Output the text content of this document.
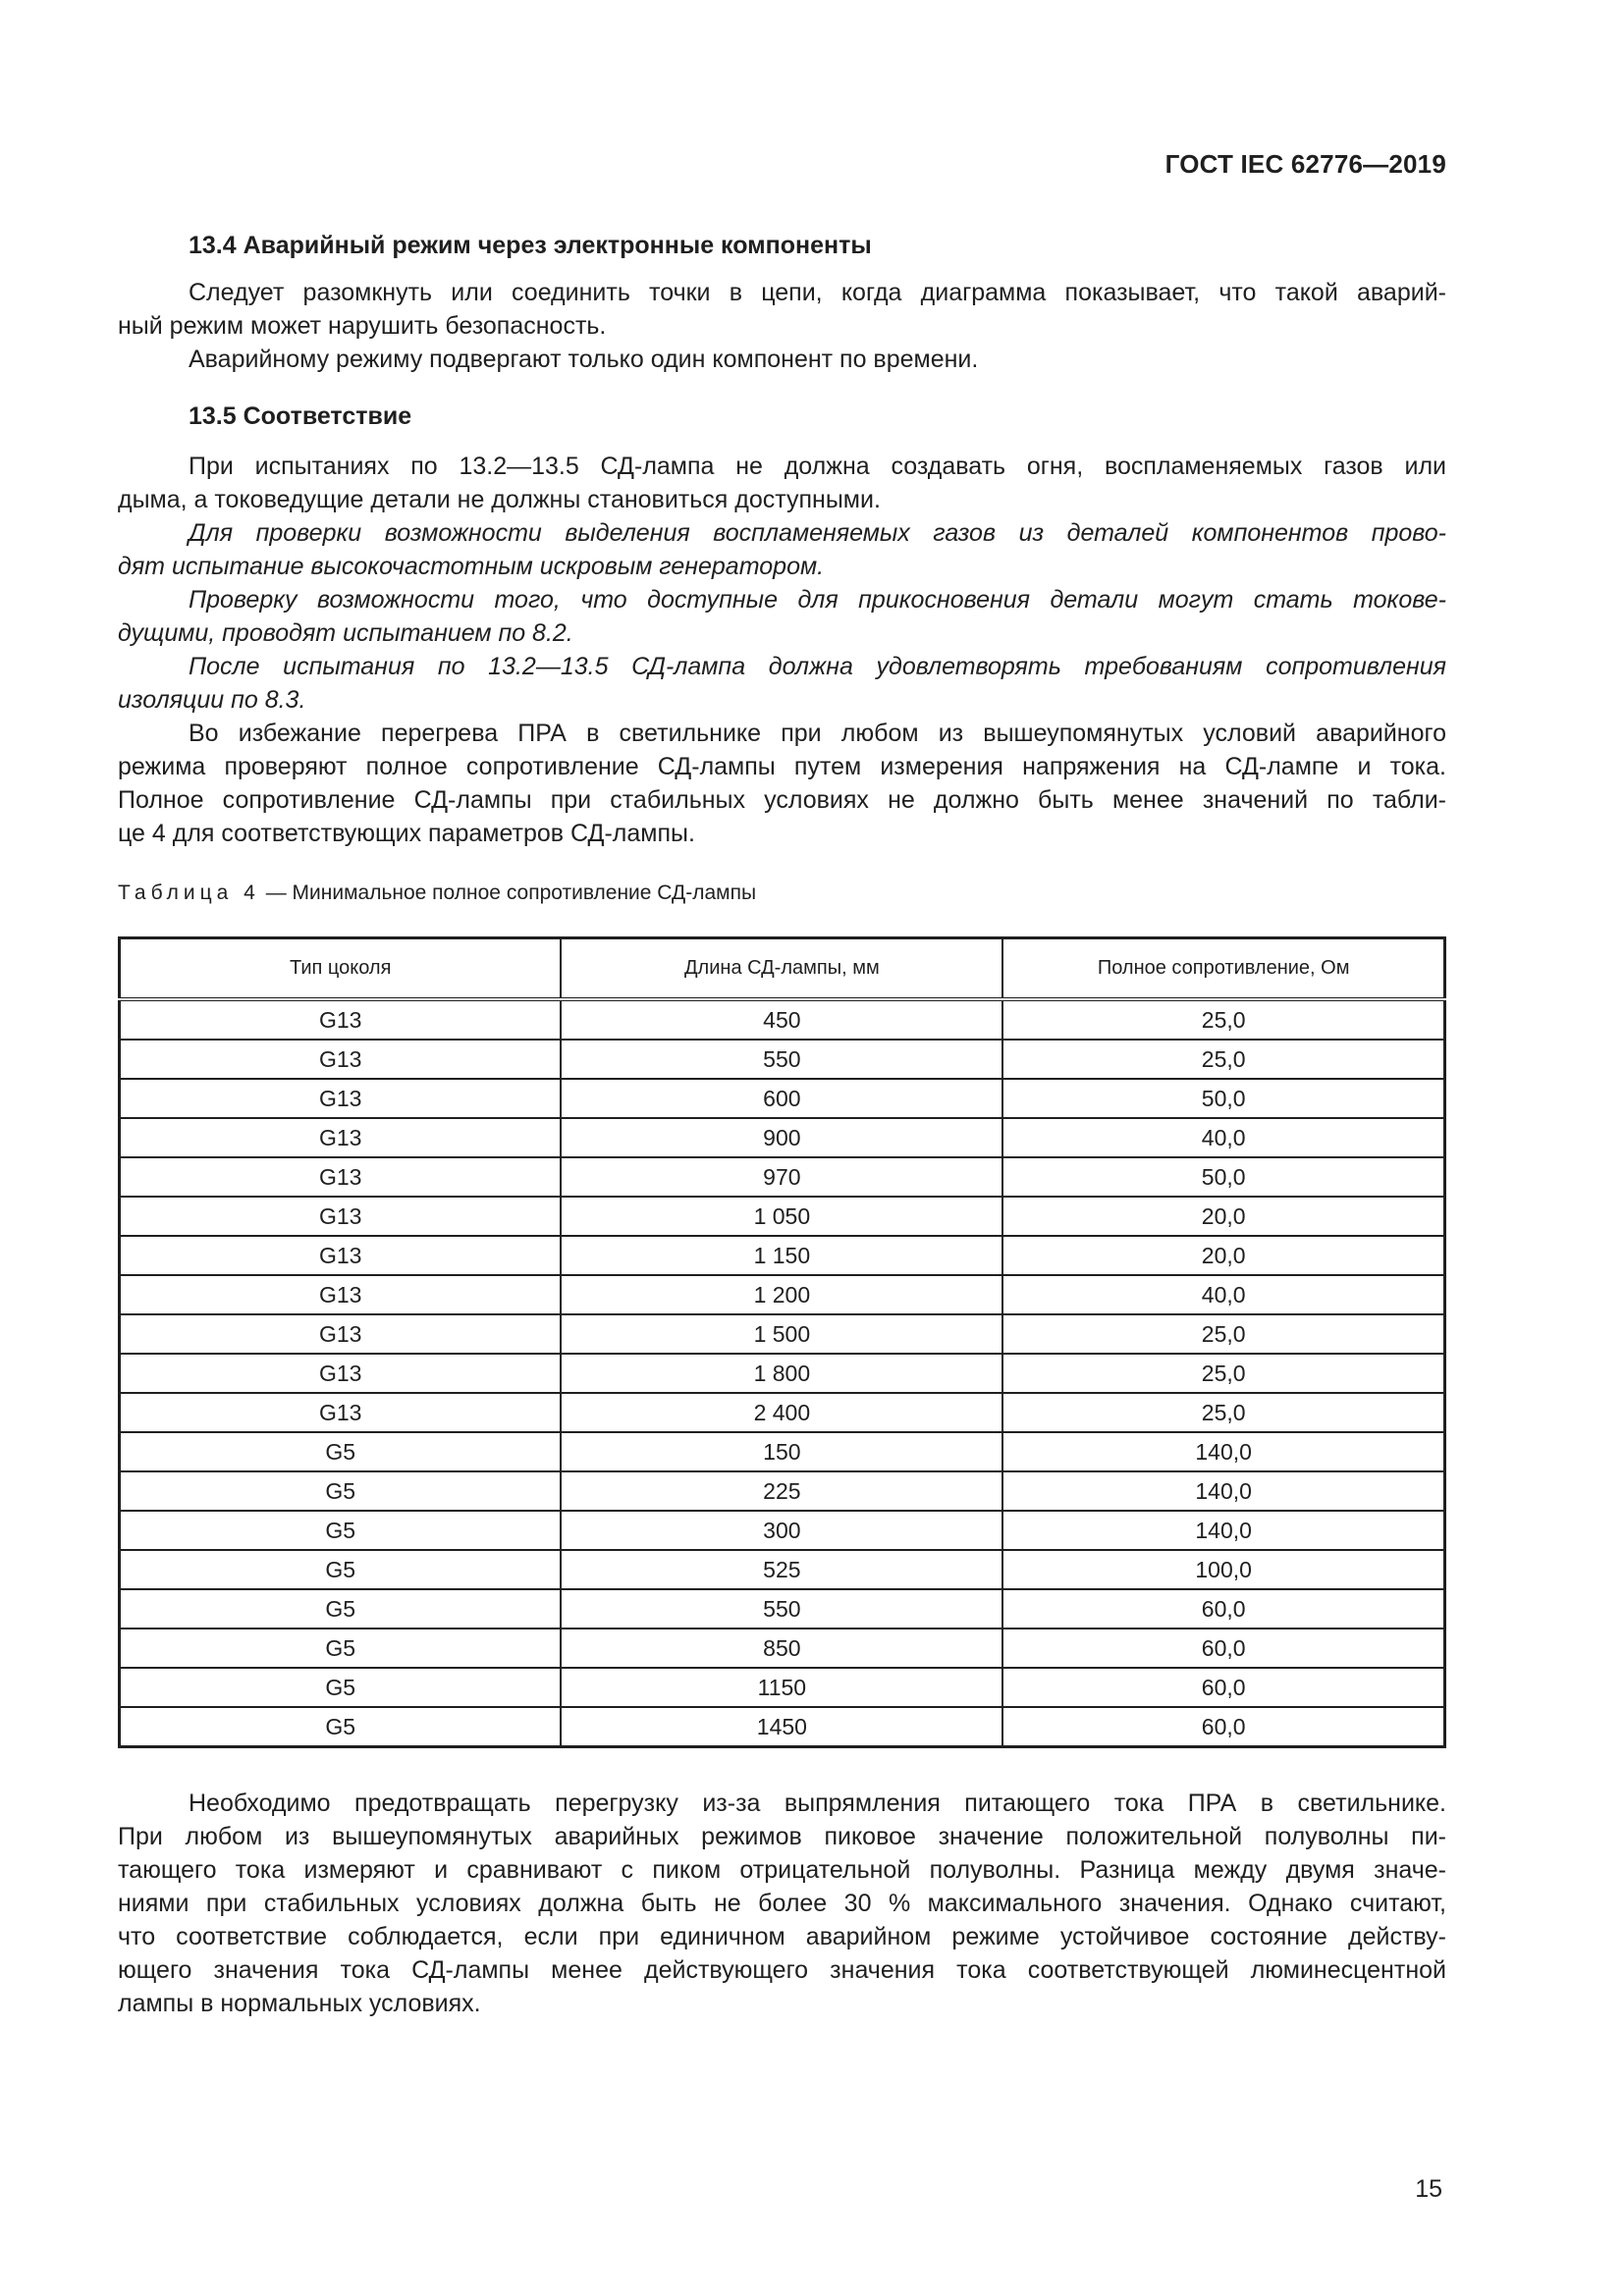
ГОСТ IEC 62776—2019
13.4 Аварийный режим через электронные компоненты
Следует разомкнуть или соединить точки в цепи, когда диаграмма показывает, что такой аварий-
ный режим может нарушить безопасность.
Аварийному режиму подвергают только один компонент по времени.
13.5 Соответствие
При испытаниях по 13.2—13.5 СД-лампа не должна создавать огня, воспламеняемых газов или
дыма, а токоведущие детали не должны становиться доступными.
Для проверки возможности выделения воспламеняемых газов из деталей компонентов прово-
дят испытание высокочастотным искровым генератором.
Проверку возможности того, что доступные для прикосновения детали могут стать токове-
дущими, проводят испытанием по 8.2.
После испытания по 13.2—13.5 СД-лампа должна удовлетворять требованиям сопротивления
изоляции по 8.3.
Во избежание перегрева ПРА в светильнике при любом из вышеупомянутых условий аварийного
режима проверяют полное сопротивление СД-лампы путем измерения напряжения на СД-лампе и тока.
Полное сопротивление СД-лампы при стабильных условиях не должно быть менее значений по табли-
це 4 для соответствующих параметров СД-лампы.
Таблица 4 — Минимальное полное сопротивление СД-лампы
Тип цоколя	Длина СД-лампы, мм	Полное сопротивление, Ом
G13	450	25,0
G13	550	25,0
G13	600	50,0
G13	900	40,0
G13	970	50,0
G13	1 050	20,0
G13	1 150	20,0
G13	1 200	40,0
G13	1 500	25,0
G13	1 800	25,0
G13	2 400	25,0
G5	150	140,0
G5	225	140,0
G5	300	140,0
G5	525	100,0
G5	550	60,0
G5	850	60,0
G5	1150	60,0
G5	1450	60,0
Необходимо предотвращать перегрузку из-за выпрямления питающего тока ПРА в светильнике.
При любом из вышеупомянутых аварийных режимов пиковое значение положительной полуволны пи-
тающего тока измеряют и сравнивают с пиком отрицательной полуволны. Разница между двумя значе-
ниями при стабильных условиях должна быть не более 30 % максимального значения. Однако считают,
что соответствие соблюдается, если при единичном аварийном режиме устойчивое состояние действу-
ющего значения тока СД-лампы менее действующего значения тока соответствующей люминесцентной
лампы в нормальных условиях.
15
